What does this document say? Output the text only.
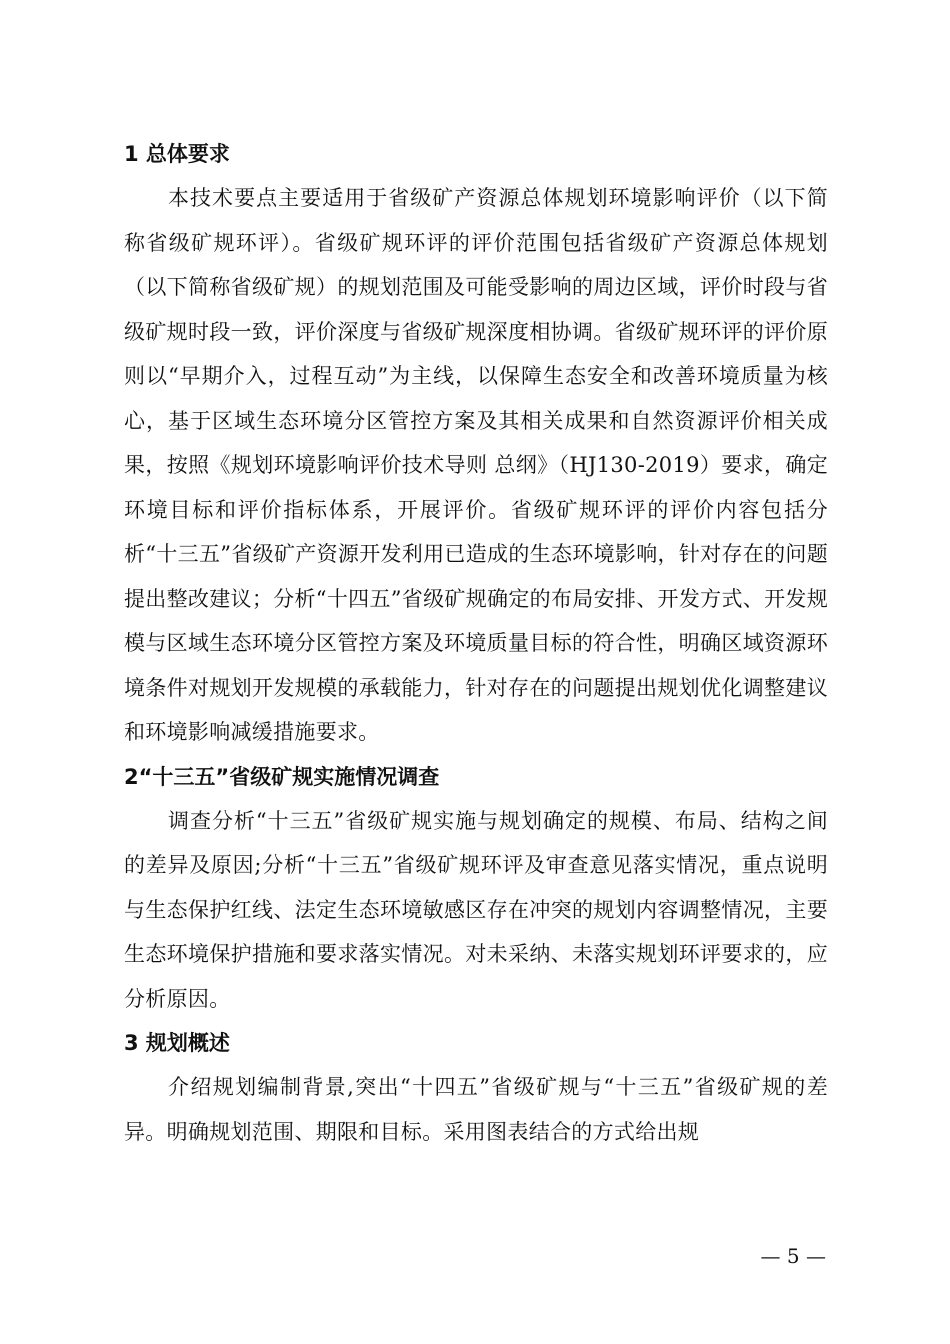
1 总体要求

本技术要点主要适用于省级矿产资源总体规划环境影响评价（以下简称省级矿规环评）。省级矿规环评的评价范围包括省级矿产资源总体规划（以下简称省级矿规）的规划范围及可能受影响的周边区域，评价时段与省级矿规时段一致，评价深度与省级矿规深度相协调。省级矿规环评的评价原则以“早期介入，过程互动”为主线，以保障生态安全和改善环境质量为核心，基于区域生态环境分区管控方案及其相关成果和自然资源评价相关成果，按照《规划环境影响评价技术导则 总纲》（HJ130-2019）要求，确定环境目标和评价指标体系，开展评价。省级矿规环评的评价内容包括分析“十三五”省级矿产资源开发利用已造成的生态环境影响，针对存在的问题提出整改建议；分析“十四五”省级矿规确定的布局安排、开发方式、开发规模与区域生态环境分区管控方案及环境质量目标的符合性，明确区域资源环境条件对规划开发规模的承载能力，针对存在的问题提出规划优化调整建议和环境影响减缓措施要求。

2“十三五”省级矿规实施情况调查

调查分析“十三五”省级矿规实施与规划确定的规模、布局、结构之间的差异及原因;分析“十三五”省级矿规环评及审查意见落实情况，重点说明与生态保护红线、法定生态环境敏感区存在冲突的规划内容调整情况，主要生态环境保护措施和要求落实情况。对未采纳、未落实规划环评要求的，应分析原因。

3 规划概述

介绍规划编制背景,突出“十四五”省级矿规与“十三五”省级矿规的差异。明确规划范围、期限和目标。采用图表结合的方式给出规

— 5 —
